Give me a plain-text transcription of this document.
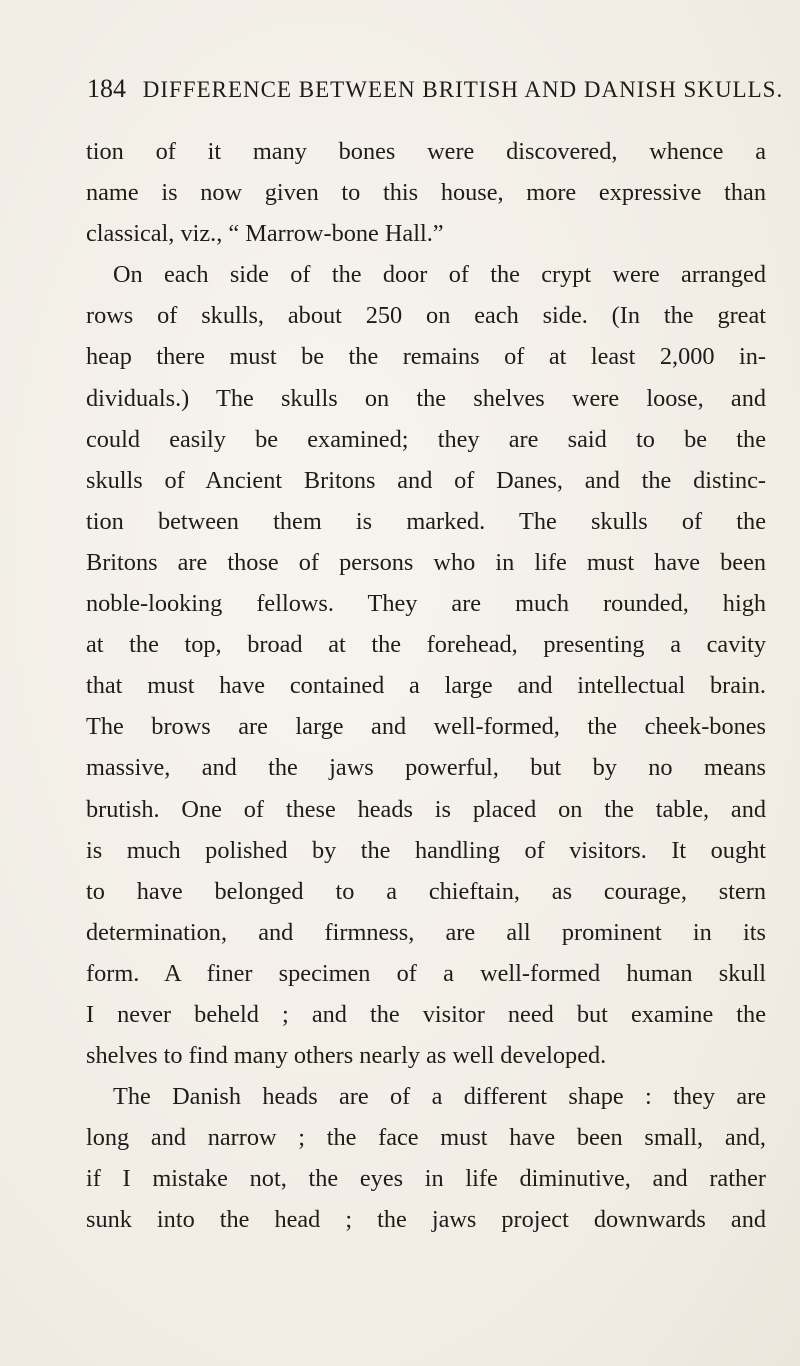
184 DIFFERENCE BETWEEN BRITISH AND DANISH SKULLS.
tion of it many bones were discovered, whence a
name is now given to this house, more expressive than
classical, viz., “ Marrow-bone Hall.”
On each side of the door of the crypt were arranged
rows of skulls, about 250 on each side. (In the great
heap there must be the remains of at least 2,000 in-
dividuals.) The skulls on the shelves were loose, and
could easily be examined; they are said to be the
skulls of Ancient Britons and of Danes, and the distinc-
tion between them is marked. The skulls of the
Britons are those of persons who in life must have been
noble-looking fellows. They are much rounded, high
at the top, broad at the forehead, presenting a cavity
that must have contained a large and intellectual brain.
The brows are large and well-formed, the cheek-bones
massive, and the jaws powerful, but by no means
brutish. One of these heads is placed on the table, and
is much polished by the handling of visitors. It ought
to have belonged to a chieftain, as courage, stern
determination, and firmness, are all prominent in its
form. A finer specimen of a well-formed human skull
I never beheld ; and the visitor need but examine the
shelves to find many others nearly as well developed.
The Danish heads are of a different shape : they are
long and narrow ; the face must have been small, and,
if I mistake not, the eyes in life diminutive, and rather
sunk into the head ; the jaws project downwards and
